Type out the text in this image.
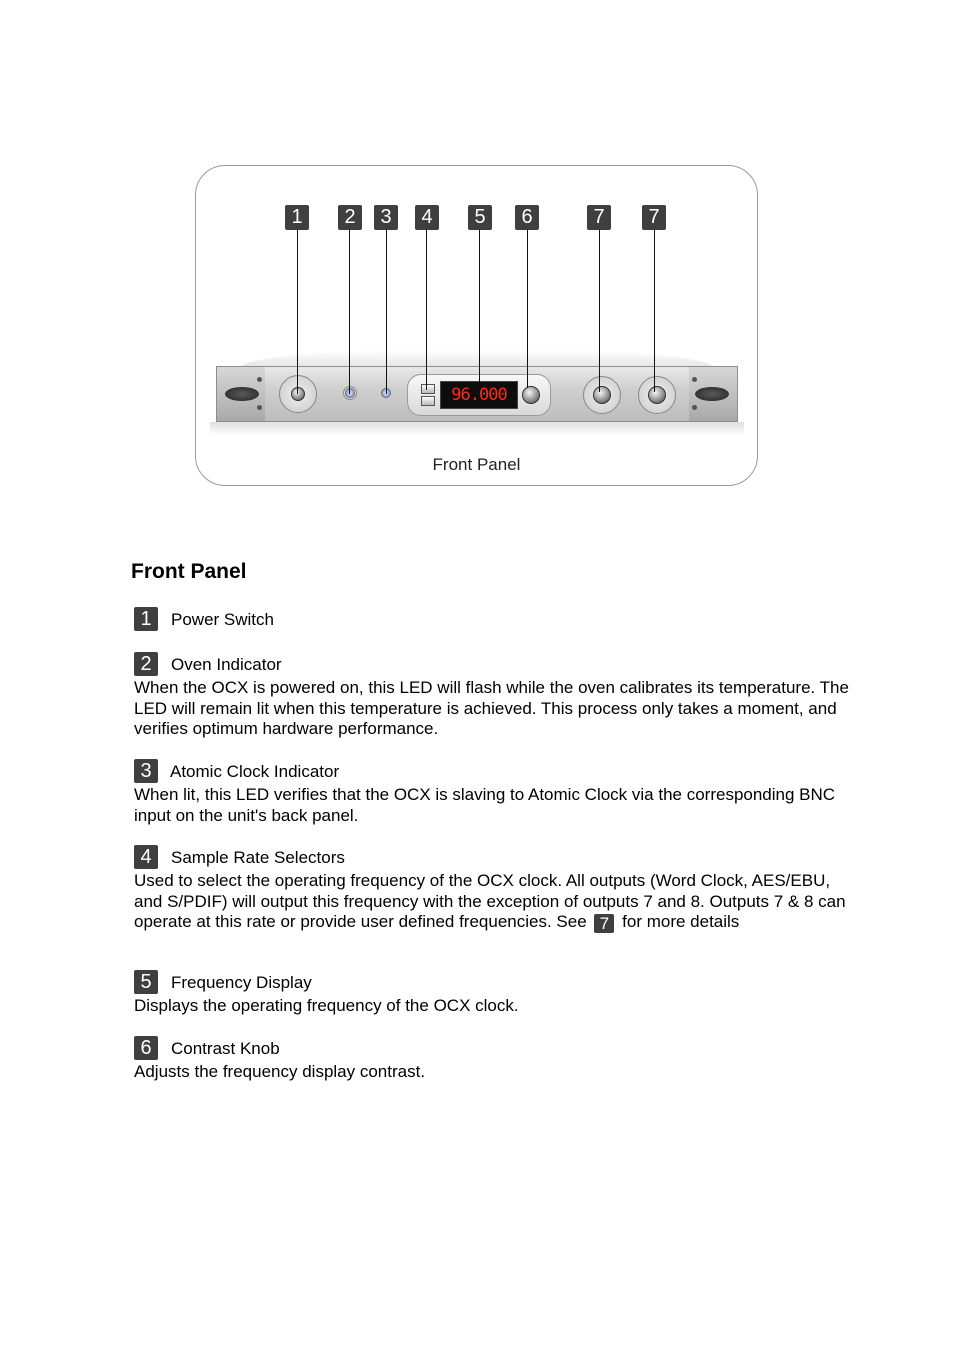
1	2	3	4	5	6	7	7
96.000
Front Panel
Front Panel
1	Power Switch
2	Oven Indicator
When the OCX is powered on, this LED will flash while the oven calibrates its temperature. The LED will remain lit when this temperature is achieved. This process only takes a moment, and verifies optimum hardware performance.
3	Atomic Clock Indicator
When lit, this LED verifies that the OCX is slaving to Atomic Clock via the corresponding BNC input on the unit's back panel.
4	Sample Rate Selectors
Used to select the operating frequency of the OCX clock. All outputs (Word Clock, AES/EBU, and S/PDIF) will output this frequency with the exception of outputs 7 and 8. Outputs 7 & 8 can operate at this rate or provide user defined frequencies. See 7 for more details
5	Frequency Display
Displays the operating frequency of the OCX clock.
6	Contrast Knob
Adjusts the frequency display contrast.
